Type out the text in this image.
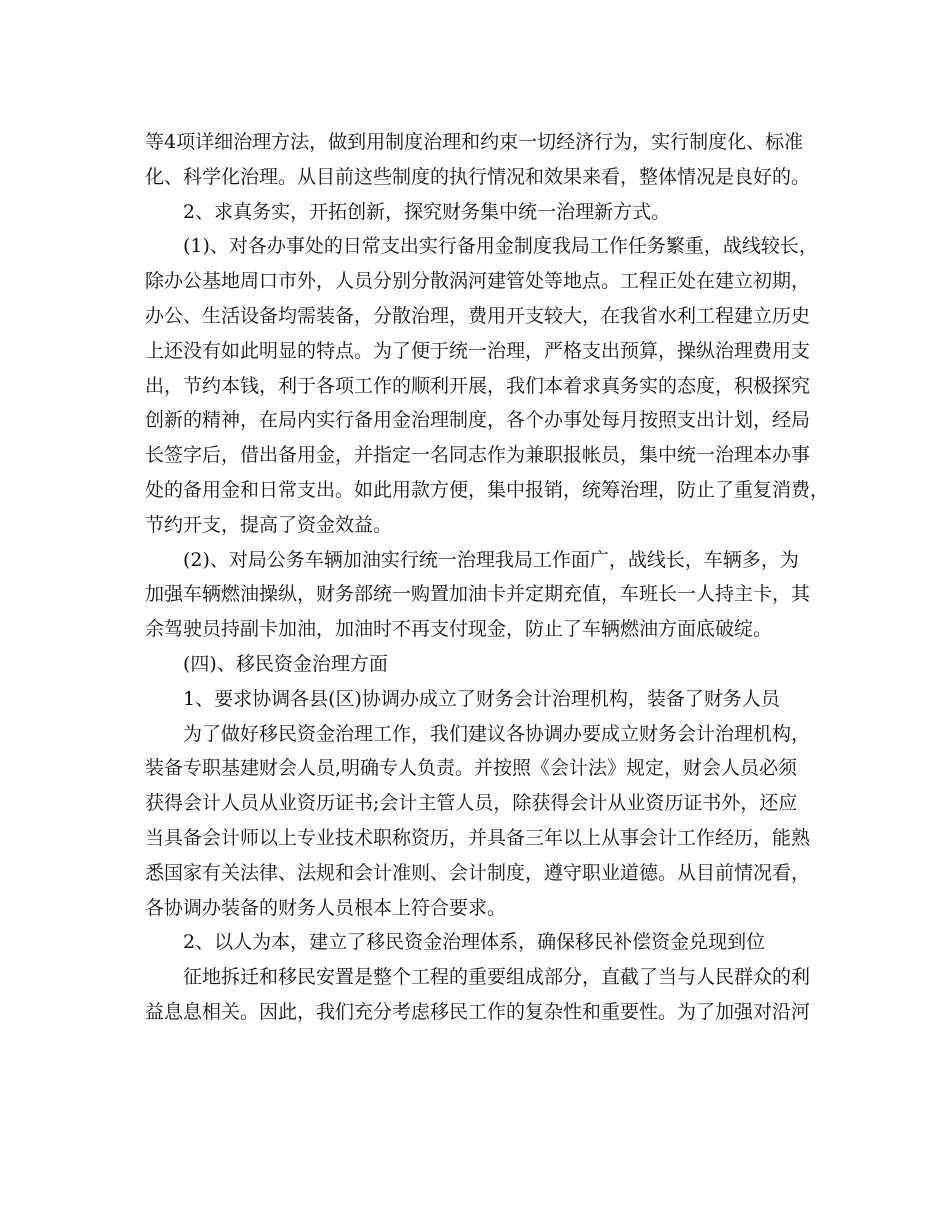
等4项详细治理方法，做到用制度治理和约束一切经济行为，实行制度化、标准
化、科学化治理。从目前这些制度的执行情况和效果来看，整体情况是良好的。
2、求真务实，开拓创新，探究财务集中统一治理新方式。
(1)、对各办事处的日常支出实行备用金制度我局工作任务繁重，战线较长，
除办公基地周口市外，人员分别分散涡河建管处等地点。工程正处在建立初期，
办公、生活设备均需装备，分散治理，费用开支较大，在我省水利工程建立历史
上还没有如此明显的特点。为了便于统一治理，严格支出预算，操纵治理费用支
出，节约本钱，利于各项工作的顺利开展，我们本着求真务实的态度，积极探究
创新的精神，在局内实行备用金治理制度，各个办事处每月按照支出计划，经局
长签字后，借出备用金，并指定一名同志作为兼职报帐员，集中统一治理本办事
处的备用金和日常支出。如此用款方便，集中报销，统筹治理，防止了重复消费，
节约开支，提高了资金效益。
(2)、对局公务车辆加油实行统一治理我局工作面广，战线长，车辆多，为
加强车辆燃油操纵，财务部统一购置加油卡并定期充值，车班长一人持主卡，其
余驾驶员持副卡加油，加油时不再支付现金，防止了车辆燃油方面底破绽。
(四)、移民资金治理方面
1、要求协调各县(区)协调办成立了财务会计治理机构，装备了财务人员
为了做好移民资金治理工作，我们建议各协调办要成立财务会计治理机构，
装备专职基建财会人员,明确专人负责。并按照《会计法》规定，财会人员必须
获得会计人员从业资历证书;会计主管人员，除获得会计从业资历证书外，还应
当具备会计师以上专业技术职称资历，并具备三年以上从事会计工作经历，能熟
悉国家有关法律、法规和会计准则、会计制度，遵守职业道德。从目前情况看，
各协调办装备的财务人员根本上符合要求。
2、以人为本，建立了移民资金治理体系，确保移民补偿资金兑现到位
征地拆迁和移民安置是整个工程的重要组成部分，直截了当与人民群众的利
益息息相关。因此，我们充分考虑移民工作的复杂性和重要性。为了加强对沿河
